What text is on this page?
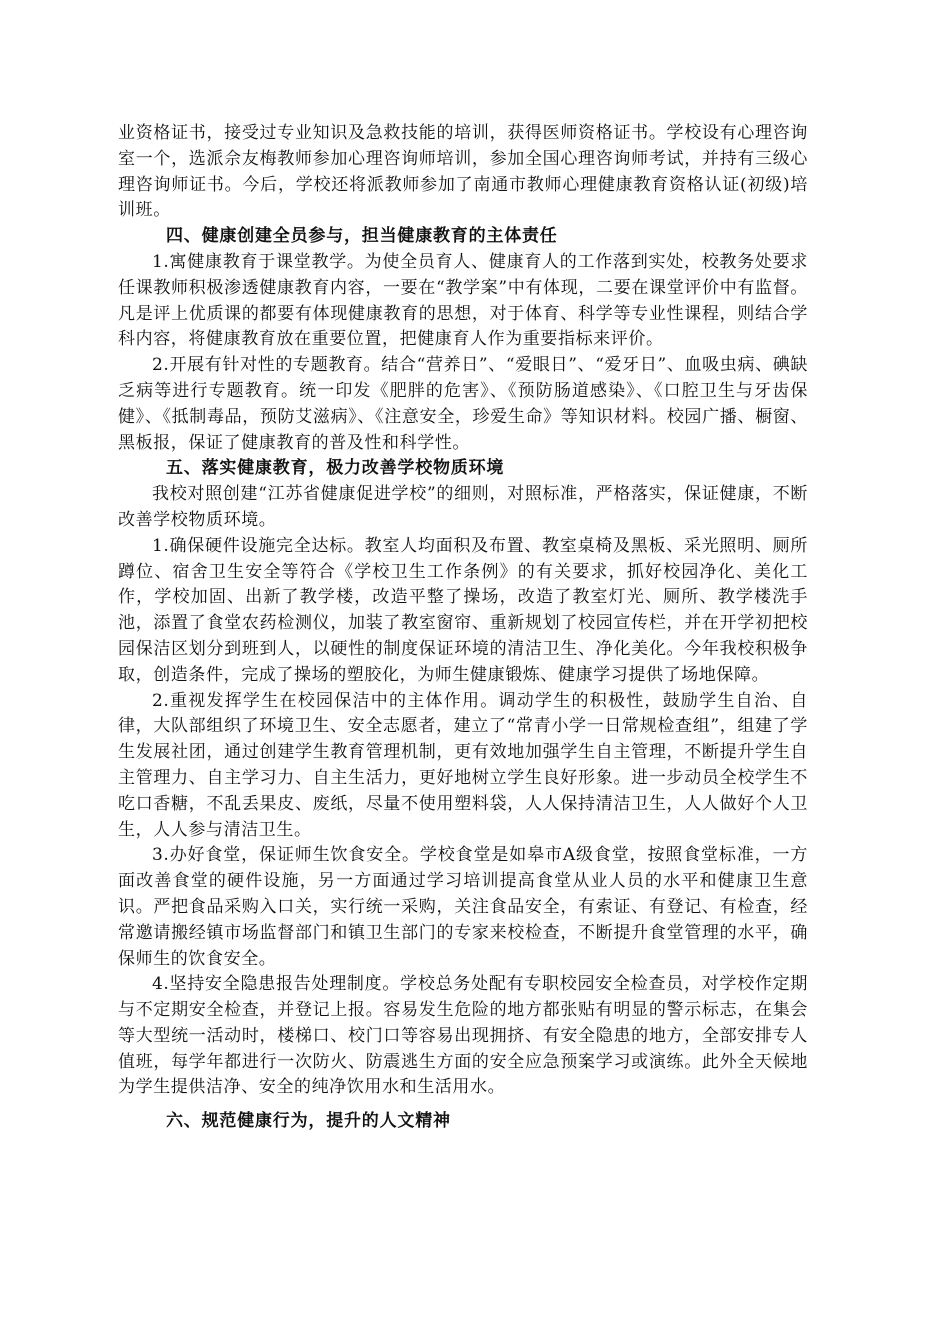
业资格证书，接受过专业知识及急救技能的培训，获得医师资格证书。学校设有心理咨询室一个，选派佘友梅教师参加心理咨询师培训，参加全国心理咨询师考试，并持有三级心理咨询师证书。今后，学校还将派教师参加了南通市教师心理健康教育资格认证(初级)培训班。

四、健康创建全员参与，担当健康教育的主体责任

1.寓健康教育于课堂教学。为使全员育人、健康育人的工作落到实处，校教务处要求任课教师积极渗透健康教育内容，一要在“教学案”中有体现，二要在课堂评价中有监督。凡是评上优质课的都要有体现健康教育的思想，对于体育、科学等专业性课程，则结合学科内容，将健康教育放在重要位置，把健康育人作为重要指标来评价。

2.开展有针对性的专题教育。结合“营养日”、“爱眼日”、“爱牙日”、血吸虫病、碘缺乏病等进行专题教育。统一印发《肥胖的危害》、《预防肠道感染》、《口腔卫生与牙齿保健》、《抵制毒品，预防艾滋病》、《注意安全，珍爱生命》等知识材料。校园广播、橱窗、黑板报，保证了健康教育的普及性和科学性。

五、落实健康教育，极力改善学校物质环境

我校对照创建“江苏省健康促进学校”的细则，对照标准，严格落实，保证健康，不断改善学校物质环境。

1.确保硬件设施完全达标。教室人均面积及布置、教室桌椅及黑板、采光照明、厕所蹲位、宿舍卫生安全等符合《学校卫生工作条例》的有关要求，抓好校园净化、美化工作，学校加固、出新了教学楼，改造平整了操场，改造了教室灯光、厕所、教学楼洗手池，添置了食堂农药检测仪，加装了教室窗帘、重新规划了校园宣传栏，并在开学初把校园保洁区划分到班到人，以硬性的制度保证环境的清洁卫生、净化美化。今年我校积极争取，创造条件，完成了操场的塑胶化，为师生健康锻炼、健康学习提供了场地保障。

2.重视发挥学生在校园保洁中的主体作用。调动学生的积极性，鼓励学生自治、自律，大队部组织了环境卫生、安全志愿者，建立了“常青小学一日常规检查组”，组建了学生发展社团，通过创建学生教育管理机制，更有效地加强学生自主管理，不断提升学生自主管理力、自主学习力、自主生活力，更好地树立学生良好形象。进一步动员全校学生不吃口香糖，不乱丢果皮、废纸，尽量不使用塑料袋，人人保持清洁卫生，人人做好个人卫生，人人参与清洁卫生。

3.办好食堂，保证师生饮食安全。学校食堂是如皋市A级食堂，按照食堂标准，一方面改善食堂的硬件设施，另一方面通过学习培训提高食堂从业人员的水平和健康卫生意识。严把食品采购入口关，实行统一采购，关注食品安全，有索证、有登记、有检查，经常邀请搬经镇市场监督部门和镇卫生部门的专家来校检查，不断提升食堂管理的水平，确保师生的饮食安全。

4.坚持安全隐患报告处理制度。学校总务处配有专职校园安全检查员，对学校作定期与不定期安全检查，并登记上报。容易发生危险的地方都张贴有明显的警示标志，在集会等大型统一活动时，楼梯口、校门口等容易出现拥挤、有安全隐患的地方，全部安排专人值班，每学年都进行一次防火、防震逃生方面的安全应急预案学习或演练。此外全天候地为学生提供洁净、安全的纯净饮用水和生活用水。

六、规范健康行为，提升的人文精神
